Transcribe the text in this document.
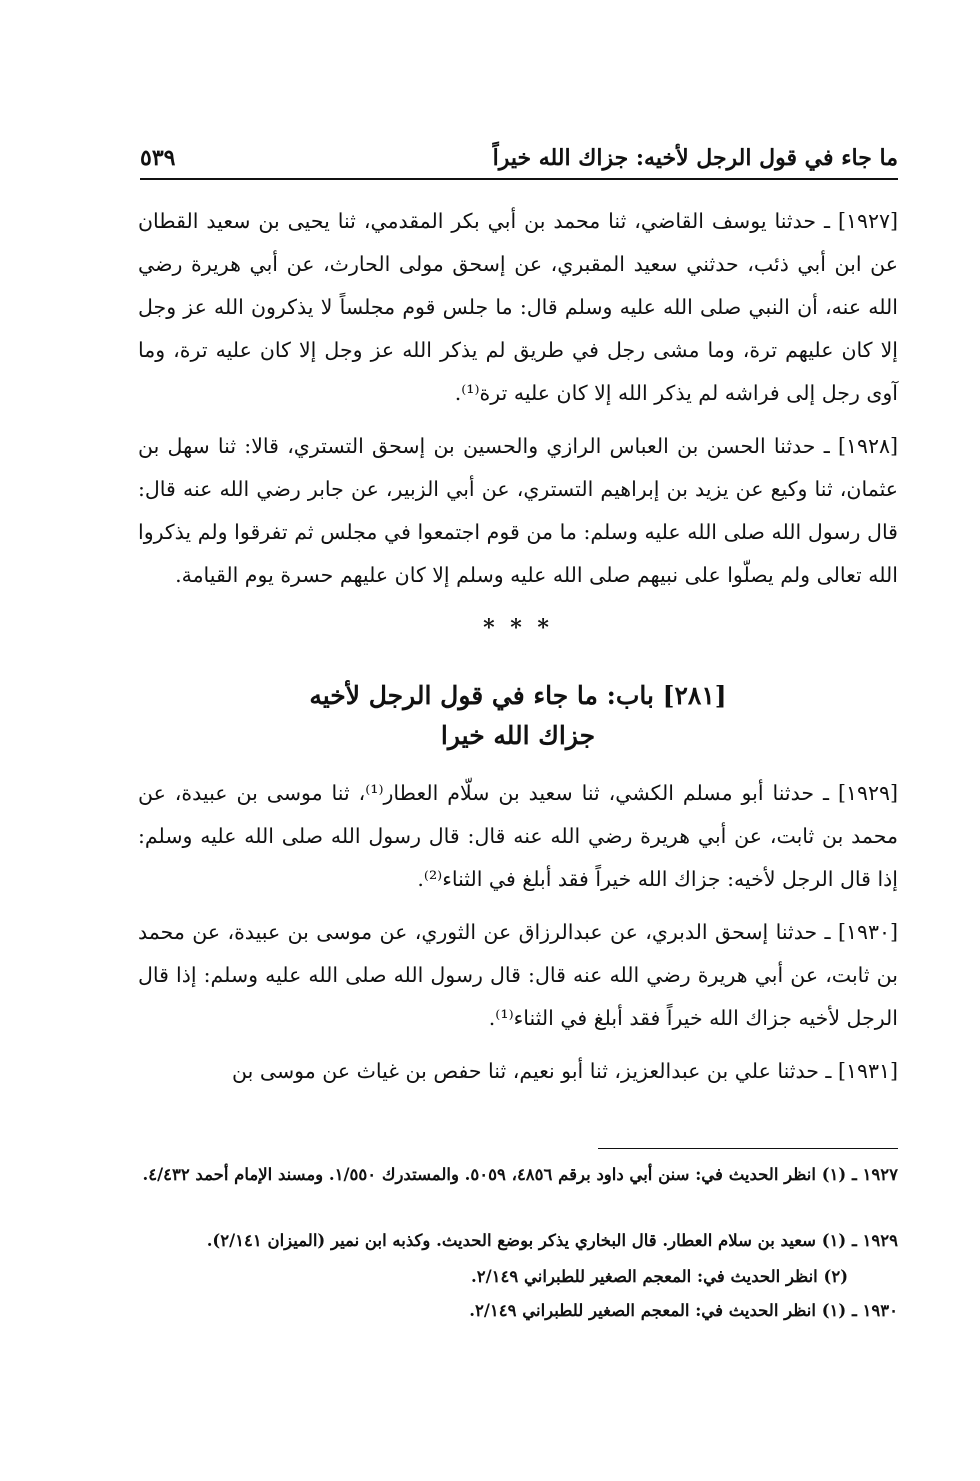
ما جاء في قول الرجل لأخيه: جزاك الله خيراً
٥٣٩

[١٩٢٧] ـ حدثنا يوسف القاضي، ثنا محمد بن أبي بكر المقدمي، ثنا يحيى بن سعيد القطان عن ابن أبي ذئب، حدثني سعيد المقبري، عن إسحق مولى الحارث، عن أبي هريرة رضي الله عنه، أن النبي صلى الله عليه وسلم قال: ما جلس قوم مجلساً لا يذكرون الله عز وجل إلا كان عليهم ترة، وما مشى رجل في طريق لم يذكر الله عز وجل إلا كان عليه ترة، وما آوى رجل إلى فراشه لم يذكر الله إلا كان عليه ترة⁽¹⁾.

[١٩٢٨] ـ حدثنا الحسن بن العباس الرازي والحسين بن إسحق التستري، قالا: ثنا سهل بن عثمان، ثنا وكيع عن يزيد بن إبراهيم التستري، عن أبي الزبير، عن جابر رضي الله عنه قال: قال رسول الله صلى الله عليه وسلم: ما من قوم اجتمعوا في مجلس ثم تفرقوا ولم يذكروا الله تعالى ولم يصلّوا على نبيهم صلى الله عليه وسلم إلا كان عليهم حسرة يوم القيامة.

* * *
[٢٨١] باب: ما جاء في قول الرجل لأخيه
جزاك الله خيرا

[١٩٢٩] ـ حدثنا أبو مسلم الكشي، ثنا سعيد بن سلّام العطار⁽¹⁾، ثنا موسى بن عبيدة، عن محمد بن ثابت، عن أبي هريرة رضي الله عنه قال: قال رسول الله صلى الله عليه وسلم: إذا قال الرجل لأخيه: جزاك الله خيراً فقد أبلغ في الثناء⁽²⁾.

[١٩٣٠] ـ حدثنا إسحق الدبري، عن عبدالرزاق عن الثوري، عن موسى بن عبيدة، عن محمد بن ثابت، عن أبي هريرة رضي الله عنه قال: قال رسول الله صلى الله عليه وسلم: إذا قال الرجل لأخيه جزاك الله خيراً فقد أبلغ في الثناء⁽¹⁾.

[١٩٣١] ـ حدثنا علي بن عبدالعزيز، ثنا أبو نعيم، ثنا حفص بن غياث عن موسى بن

١٩٢٧ ـ (١) انظر الحديث في: سنن أبي داود برقم ٤٨٥٦، ٥٠٥٩. والمستدرك ١/٥٥٠. ومسند الإمام أحمد ٤/٤٣٢.
١٩٢٩ ـ (١) سعيد بن سلام العطار. قال البخاري يذكر بوضع الحديث. وكذبه ابن نمير (الميزان ٢/١٤١).
(٢) انظر الحديث في: المعجم الصغير للطبراني ٢/١٤٩.
١٩٣٠ ـ (١) انظر الحديث في: المعجم الصغير للطبراني ٢/١٤٩.
